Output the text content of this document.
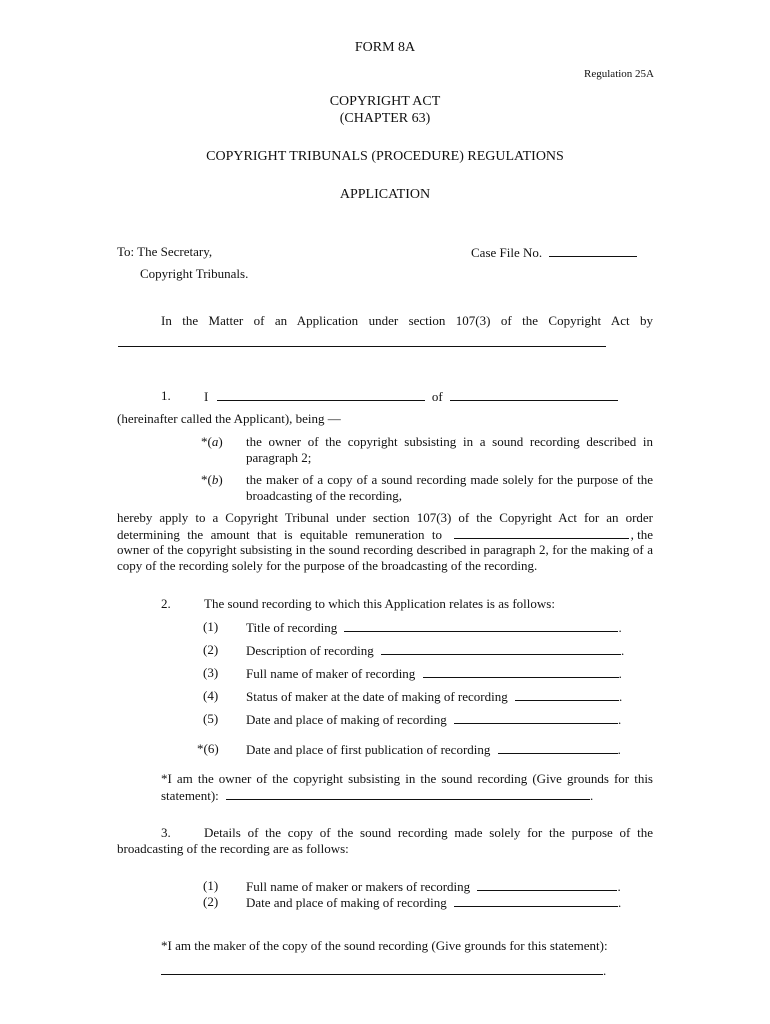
FORM 8A
Regulation 25A
COPYRIGHT ACT
(CHAPTER 63)
COPYRIGHT TRIBUNALS (PROCEDURE) REGULATIONS
APPLICATION
To: The Secretary,	Case File No.
Copyright Tribunals.
In the Matter of an Application under section 107(3) of the Copyright Act by
1.	I	of
(hereinafter called the Applicant), being —
*(a) the owner of the copyright subsisting in a sound recording described in
paragraph 2;
*(b) the maker of a copy of a sound recording made solely for the purpose of the
broadcasting of the recording,
hereby apply to a Copyright Tribunal under section 107(3) of the Copyright Act for an order
determining the amount that is equitable remuneration to	, the
owner of the copyright subsisting in the sound recording described in paragraph 2, for the making of a
copy of the recording solely for the purpose of the broadcasting of the recording.
2.	The sound recording to which this Application relates is as follows:
(1) Title of recording	.
(2) Description of recording	.
(3) Full name of maker of recording	.
(4) Status of maker at the date of making of recording	.
(5) Date and place of making of recording	.
*(6) Date and place of first publication of recording	.
*I am the owner of the copyright subsisting in the sound recording (Give grounds for this
statement):	.
3.	Details of the copy of the sound recording made solely for the purpose of the
broadcasting of the recording are as follows:
(1) Full name of maker or makers of recording	.
(2) Date and place of making of recording	.
*I am the maker of the copy of the sound recording (Give grounds for this statement):
.
